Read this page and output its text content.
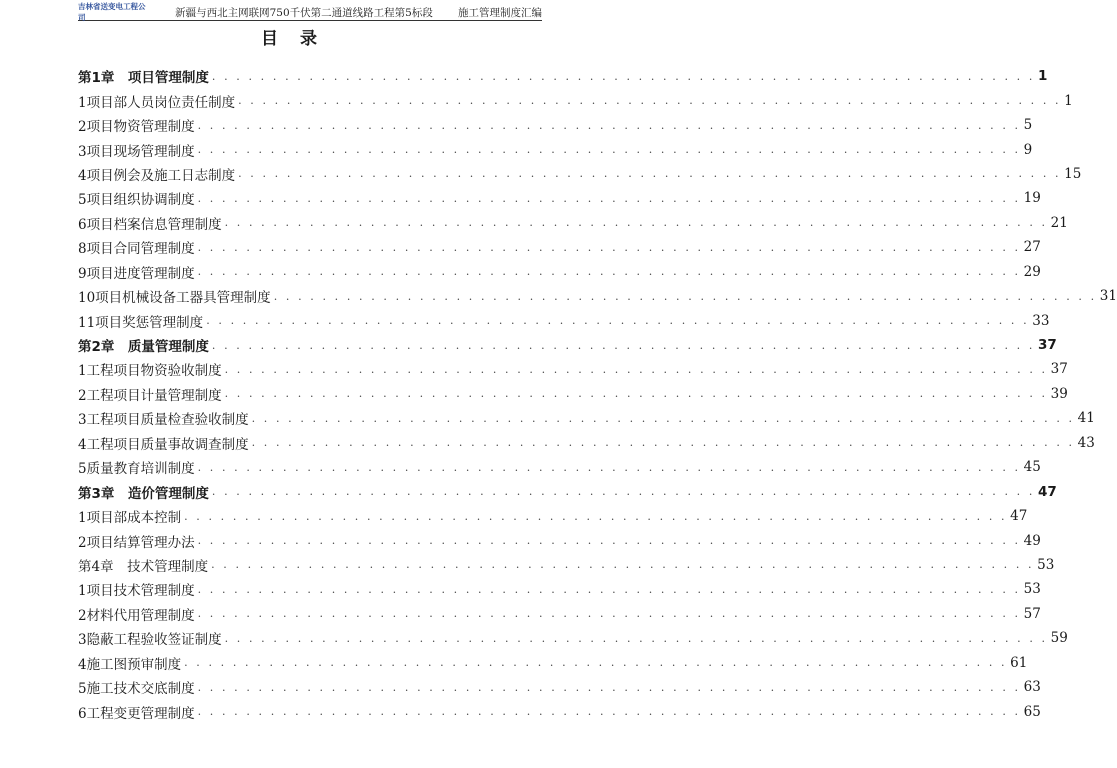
吉林省送变电工程公司	新疆与西北主网联网750千伏第二通道线路工程第5标段	施工管理制度汇编
目录
第1章　项目管理制度 . . . . . . . . . . . . . . . . . . . . . . . . . . . . . . . . . . . . . . . . . . . . . . . . . . . . . . . . . . . . . . . . . . . . 1
1项目部人员岗位责任制度 . . . . . . . . . . . . . . . . . . . . . . . . . . . . . . . . . . . . . . . . . . . . . . . . . . . . . . . . . . . . . . . . . . . . 1
2项目物资管理制度 . . . . . . . . . . . . . . . . . . . . . . . . . . . . . . . . . . . . . . . . . . . . . . . . . . . . . . . . . . . . . . . . . . . . 5
3项目现场管理制度 . . . . . . . . . . . . . . . . . . . . . . . . . . . . . . . . . . . . . . . . . . . . . . . . . . . . . . . . . . . . . . . . . . . . 9
4项目例会及施工日志制度 . . . . . . . . . . . . . . . . . . . . . . . . . . . . . . . . . . . . . . . . . . . . . . . . . . . . . . . . . . . . . . . . . . . . 15
5项目组织协调制度 . . . . . . . . . . . . . . . . . . . . . . . . . . . . . . . . . . . . . . . . . . . . . . . . . . . . . . . . . . . . . . . . . . . . 19
6项目档案信息管理制度 . . . . . . . . . . . . . . . . . . . . . . . . . . . . . . . . . . . . . . . . . . . . . . . . . . . . . . . . . . . . . . . . . . . . 21
8项目合同管理制度 . . . . . . . . . . . . . . . . . . . . . . . . . . . . . . . . . . . . . . . . . . . . . . . . . . . . . . . . . . . . . . . . . . . . 27
9项目进度管理制度 . . . . . . . . . . . . . . . . . . . . . . . . . . . . . . . . . . . . . . . . . . . . . . . . . . . . . . . . . . . . . . . . . . . . 29
10项目机械设备工器具管理制度 . . . . . . . . . . . . . . . . . . . . . . . . . . . . . . . . . . . . . . . . . . . . . . . . . . . . . . . . . . . . . . . . . . . . 31
11项目奖惩管理制度 . . . . . . . . . . . . . . . . . . . . . . . . . . . . . . . . . . . . . . . . . . . . . . . . . . . . . . . . . . . . . . . . . . . . 33
第2章　质量管理制度 . . . . . . . . . . . . . . . . . . . . . . . . . . . . . . . . . . . . . . . . . . . . . . . . . . . . . . . . . . . . . . . . . . . . 37
1工程项目物资验收制度 . . . . . . . . . . . . . . . . . . . . . . . . . . . . . . . . . . . . . . . . . . . . . . . . . . . . . . . . . . . . . . . . . . . . 37
2工程项目计量管理制度 . . . . . . . . . . . . . . . . . . . . . . . . . . . . . . . . . . . . . . . . . . . . . . . . . . . . . . . . . . . . . . . . . . . . 39
3工程项目质量检查验收制度 . . . . . . . . . . . . . . . . . . . . . . . . . . . . . . . . . . . . . . . . . . . . . . . . . . . . . . . . . . . . . . . . . . . . 41
4工程项目质量事故调查制度 . . . . . . . . . . . . . . . . . . . . . . . . . . . . . . . . . . . . . . . . . . . . . . . . . . . . . . . . . . . . . . . . . . . . 43
5质量教育培训制度 . . . . . . . . . . . . . . . . . . . . . . . . . . . . . . . . . . . . . . . . . . . . . . . . . . . . . . . . . . . . . . . . . . . . 45
第3章　造价管理制度 . . . . . . . . . . . . . . . . . . . . . . . . . . . . . . . . . . . . . . . . . . . . . . . . . . . . . . . . . . . . . . . . . . . . 47
1项目部成本控制 . . . . . . . . . . . . . . . . . . . . . . . . . . . . . . . . . . . . . . . . . . . . . . . . . . . . . . . . . . . . . . . . . . . . 47
2项目结算管理办法 . . . . . . . . . . . . . . . . . . . . . . . . . . . . . . . . . . . . . . . . . . . . . . . . . . . . . . . . . . . . . . . . . . . . 49
第4章　技术管理制度 . . . . . . . . . . . . . . . . . . . . . . . . . . . . . . . . . . . . . . . . . . . . . . . . . . . . . . . . . . . . . . . . . . . . 53
1项目技术管理制度 . . . . . . . . . . . . . . . . . . . . . . . . . . . . . . . . . . . . . . . . . . . . . . . . . . . . . . . . . . . . . . . . . . . . 53
2材料代用管理制度 . . . . . . . . . . . . . . . . . . . . . . . . . . . . . . . . . . . . . . . . . . . . . . . . . . . . . . . . . . . . . . . . . . . . 57
3隐蔽工程验收签证制度 . . . . . . . . . . . . . . . . . . . . . . . . . . . . . . . . . . . . . . . . . . . . . . . . . . . . . . . . . . . . . . . . . . . . 59
4施工图预审制度 . . . . . . . . . . . . . . . . . . . . . . . . . . . . . . . . . . . . . . . . . . . . . . . . . . . . . . . . . . . . . . . . . . . . 61
5施工技术交底制度 . . . . . . . . . . . . . . . . . . . . . . . . . . . . . . . . . . . . . . . . . . . . . . . . . . . . . . . . . . . . . . . . . . . . 63
6工程变更管理制度 . . . . . . . . . . . . . . . . . . . . . . . . . . . . . . . . . . . . . . . . . . . . . . . . . . . . . . . . . . . . . . . . . . . . 65
